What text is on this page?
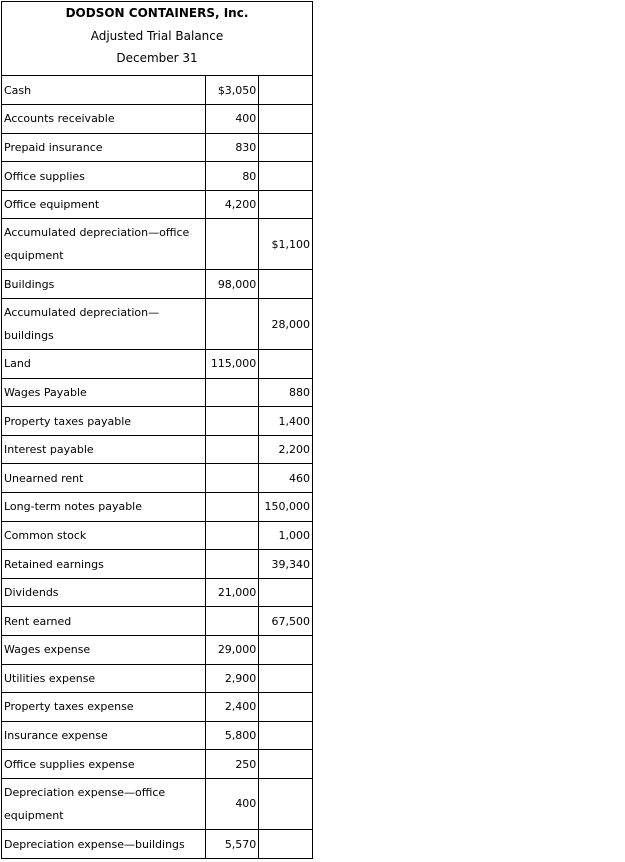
DODSON CONTAINERS, Inc.
Adjusted Trial Balance
December 31
Cash	$3,050	
Accounts receivable	400	
Prepaid insurance	830	
Office supplies	80	
Office equipment	4,200	
Accumulated depreciation—office equipment		$1,100
Buildings	98,000	
Accumulated depreciation— buildings		28,000
Land	115,000	
Wages Payable		880
Property taxes payable		1,400
Interest payable		2,200
Unearned rent		460
Long-term notes payable		150,000
Common stock		1,000
Retained earnings		39,340
Dividends	21,000	
Rent earned		67,500
Wages expense	29,000	
Utilities expense	2,900	
Property taxes expense	2,400	
Insurance expense	5,800	
Office supplies expense	250	
Depreciation expense—office equipment	400	
Depreciation expense—buildings	5,570	
